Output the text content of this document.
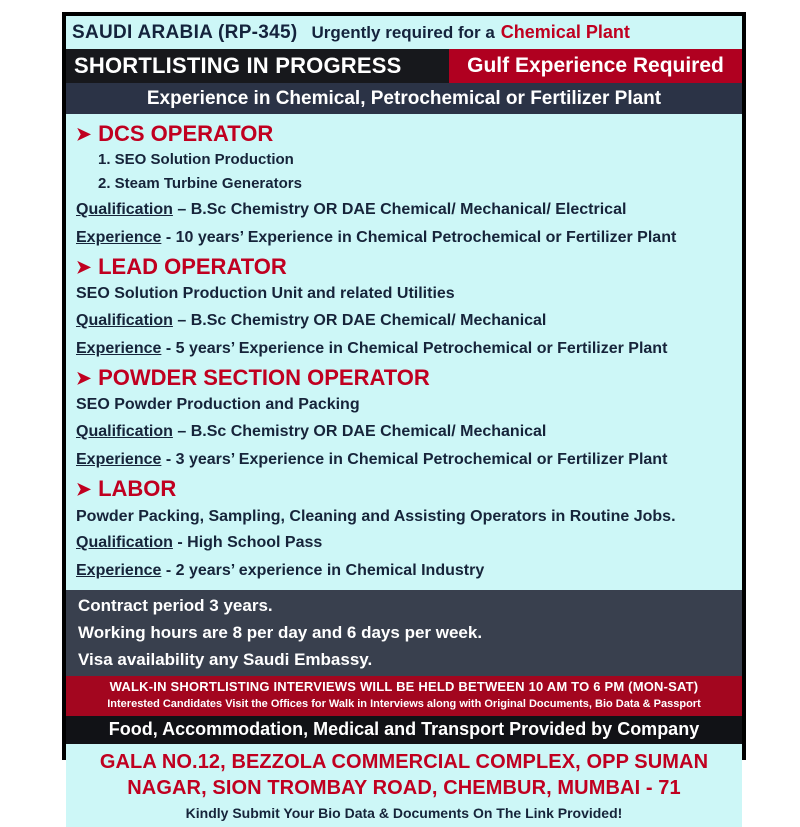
SAUDI ARABIA (RP-345) Urgently required for a Chemical Plant
SHORTLISTING IN PROGRESS	Gulf Experience Required
Experience in Chemical, Petrochemical or Fertilizer Plant
➤ DCS OPERATOR
1. SEO Solution Production
2. Steam Turbine Generators
Qualification – B.Sc Chemistry OR DAE Chemical/ Mechanical/ Electrical
Experience - 10 years’ Experience in Chemical Petrochemical or Fertilizer Plant
➤ LEAD OPERATOR
SEO Solution Production Unit and related Utilities
Qualification – B.Sc Chemistry OR DAE Chemical/ Mechanical
Experience - 5 years’ Experience in Chemical Petrochemical or Fertilizer Plant
➤ POWDER SECTION OPERATOR
SEO Powder Production and Packing
Qualification – B.Sc Chemistry OR DAE Chemical/ Mechanical
Experience - 3 years’ Experience in Chemical Petrochemical or Fertilizer Plant
➤ LABOR
Powder Packing, Sampling, Cleaning and Assisting Operators in Routine Jobs.
Qualification - High School Pass
Experience - 2 years’ experience in Chemical Industry
Contract period 3 years.
Working hours are 8 per day and 6 days per week.
Visa availability any Saudi Embassy.
WALK-IN SHORTLISTING INTERVIEWS WILL BE HELD BETWEEN 10 AM TO 6 PM (MON-SAT)
Interested Candidates Visit the Offices for Walk in Interviews along with Original Documents, Bio Data & Passport
Food, Accommodation, Medical and Transport Provided by Company
GALA NO.12, BEZZOLA COMMERCIAL COMPLEX, OPP SUMAN
NAGAR, SION TROMBAY ROAD, CHEMBUR, MUMBAI - 71
Kindly Submit Your Bio Data & Documents On The Link Provided!
